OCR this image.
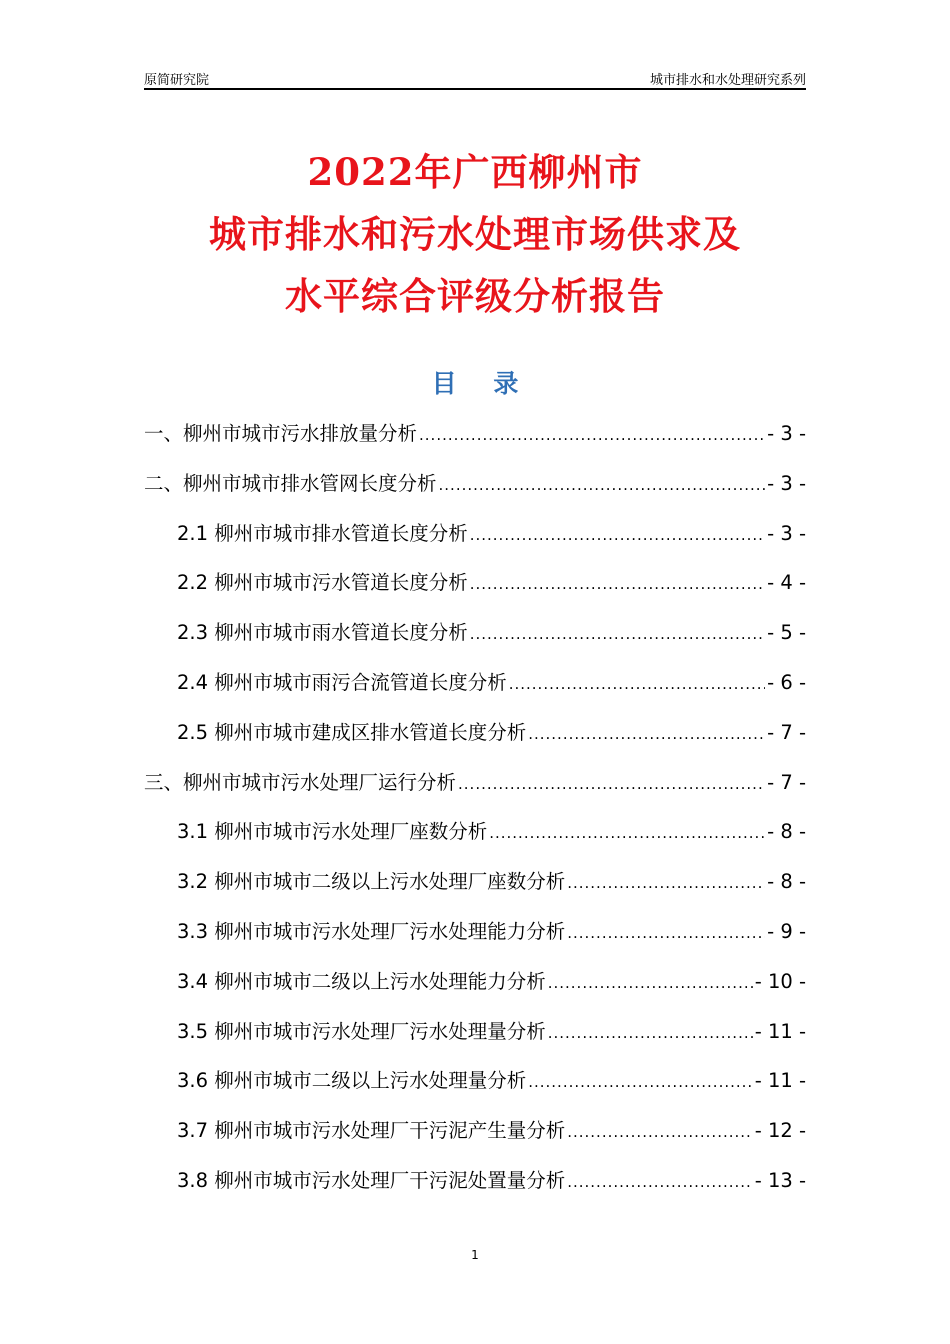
原简研究院	城市排水和水处理研究系列
2022年广西柳州市
城市排水和污水处理市场供求及
水平综合评级分析报告
目 录
一、柳州市城市污水排放量分析 .....	- 3 -
二、柳州市城市排水管网长度分析 .....	- 3 -
2.1 柳州市城市排水管道长度分析 .....	- 3 -
2.2 柳州市城市污水管道长度分析 .....	- 4 -
2.3 柳州市城市雨水管道长度分析 .....	- 5 -
2.4 柳州市城市雨污合流管道长度分析 .....	- 6 -
2.5 柳州市城市建成区排水管道长度分析 .....	- 7 -
三、柳州市城市污水处理厂运行分析 .....	- 7 -
3.1 柳州市城市污水处理厂座数分析 .....	- 8 -
3.2 柳州市城市二级以上污水处理厂座数分析 .....	- 8 -
3.3 柳州市城市污水处理厂污水处理能力分析 .....	- 9 -
3.4 柳州市城市二级以上污水处理能力分析 .....	- 10 -
3.5 柳州市城市污水处理厂污水处理量分析 .....	- 11 -
3.6 柳州市城市二级以上污水处理量分析 .....	- 11 -
3.7 柳州市城市污水处理厂干污泥产生量分析 .....	- 12 -
3.8 柳州市城市污水处理厂干污泥处置量分析 .....	- 13 -
1
